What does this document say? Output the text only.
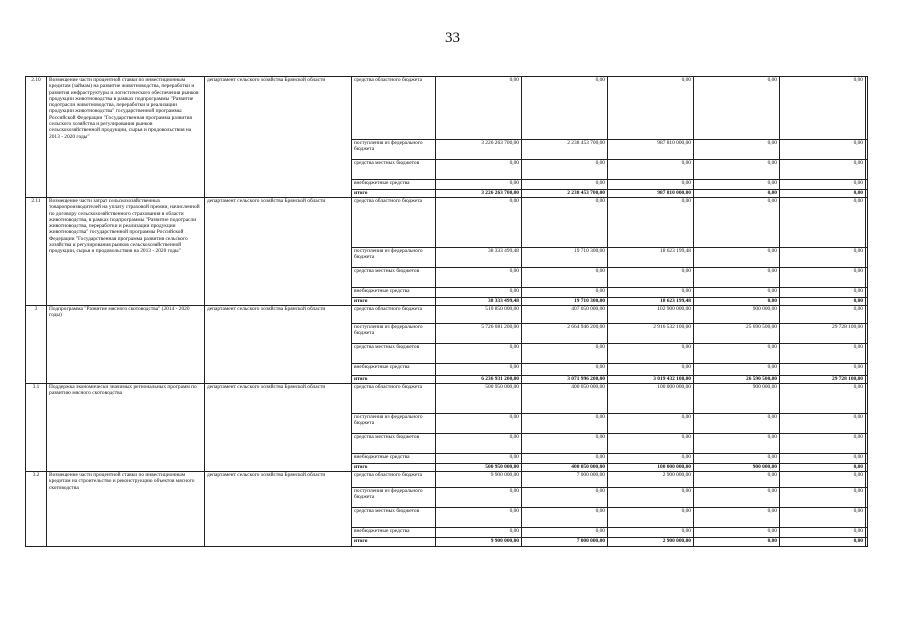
33
2.10	Возмещение части процентной ставки по инвестиционным кредитам (займам) на развитие животноводства, переработки и развития инфраструктуры и логистического обеспечения рынков продукции животноводства в рамках подпрограммы "Развитие подотрасли животноводства, переработки и реализации продукции животноводства" государственной программы Российской Федерации "Государственная программа развития сельского хозяйства и регулирования рынков сельскохозяйственной продукции, сырья и продовольствия на 2013 - 2020 годы"	департамент сельского хозяйства Брянской области	средства областного бюджета	0,00	0,00	0,00	0,00	0,00	
			поступления из федерального бюджета	3 226 263 700,00	2 238 453 700,00	987 810 000,00	0,00	0,00	
			средства местных бюджетов	0,00	0,00	0,00	0,00	0,00	
			внебюджетные средства	0,00	0,00	0,00	0,00	0,00	
			итого	3 226 263 700,00	2 238 453 700,00	987 810 000,00	0,00	0,00	
2.11	Возмещение части затрат сельскохозяйственных товаропроизводителей на уплату страховой премии, начисленной по договору сельскохозяйственного страхования в области животноводства, в рамках подпрограммы "Развитие подотрасли животноводства, переработки и реализации продукции животноводства" государственной программы Российской Федерации "Государственная программа развития сельского хозяйства и регулирования рынков сельскохозяйственной продукции, сырья и продовольствия на 2013 - 2020 годы"	департамент сельского хозяйства Брянской области	средства областного бюджета	0,00	0,00	0,00	0,00	0,00	
			поступления из федерального бюджета	38 333 499,48	19 710 300,00	18 623 199,48	0,00	0,00	
			средства местных бюджетов	0,00	0,00	0,00	0,00	0,00	
			внебюджетные средства	0,00	0,00	0,00	0,00	0,00	
			итого	38 333 499,48	19 710 300,00	18 623 199,48	0,00	0,00	
3	Подпрограмма "Развитие мясного скотоводства" (2014 - 2020 годы)	департамент сельского хозяйства Брянской области	средства областного бюджета	510 850 000,00	407 050 000,00	102 900 000,00	900 000,00	0,00	
			поступления из федерального бюджета	5 726 081 200,00	2 664 946 200,00	2 916 532 100,00	25 690 500,00	29 728 100,00	
			средства местных бюджетов	0,00	0,00	0,00	0,00	0,00	
			внебюджетные средства	0,00	0,00	0,00	0,00	0,00	
			итого	6 236 931 200,00	3 071 996 200,00	3 019 432 100,00	26 590 500,00	29 728 100,00	
3.1	Поддержка экономически значимых региональных программ по развитию мясного скотоводства	департамент сельского хозяйства Брянской области	средства областного бюджета	500 950 000,00	400 050 000,00	100 000 000,00	900 000,00	0,00	
			поступления из федерального бюджета	0,00	0,00	0,00	0,00	0,00	
			средства местных бюджетов	0,00	0,00	0,00	0,00	0,00	
			внебюджетные средства	0,00	0,00	0,00	0,00	0,00	
			итого	500 950 000,00	400 050 000,00	100 000 000,00	900 000,00	0,00	
3.2	Возмещение части процентной ставки по инвестиционным кредитам на строительство и реконструкцию объектов мясного скотоводства	департамент сельского хозяйства Брянской области	средства областного бюджета	9 900 000,00	7 000 000,00	2 900 000,00	0,00	0,00	
			поступления из федерального бюджета	0,00	0,00	0,00	0,00	0,00	
			средства местных бюджетов	0,00	0,00	0,00	0,00	0,00	
			внебюджетные средства	0,00	0,00	0,00	0,00	0,00	
			итого	9 900 000,00	7 000 000,00	2 900 000,00	0,00	0,00	
